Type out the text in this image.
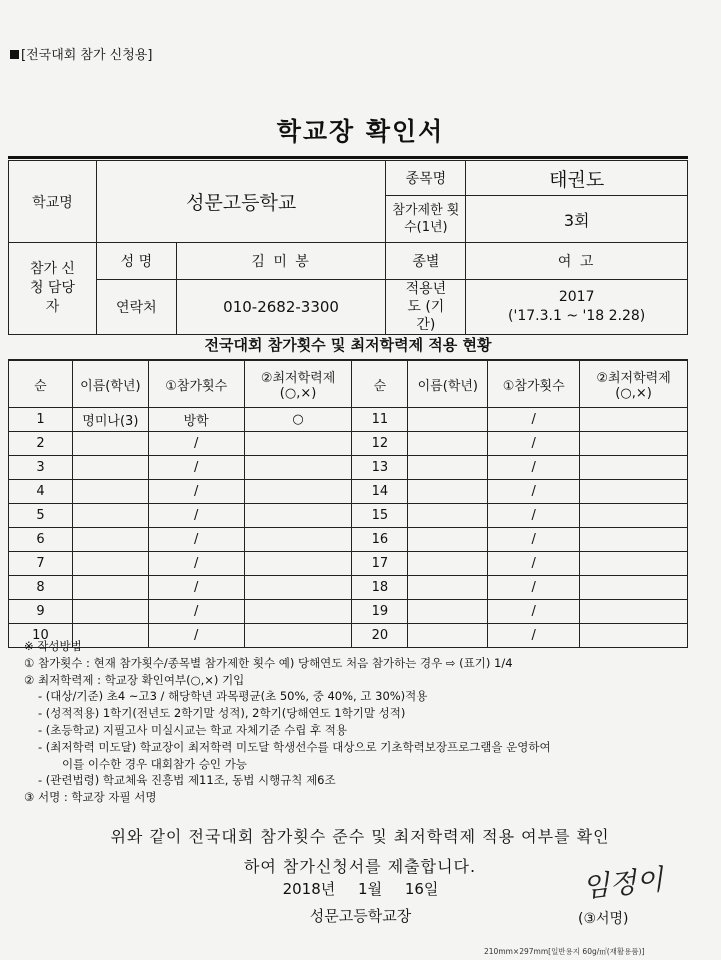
[전국대회 참가 신청용]
학교장 확인서
학교명	성문고등학교		종목명	태권도
			참가제한 횟수(1년)	3회
참가 신청 담당자	성 명	김 미 봉	종별	여 고
	연락처	010-2682-3300	적용년도 (기간)	2017
('17.3.1 ~ '18 2.28)
전국대회 참가횟수 및 최저학력제 적용 현황
순	이름(학년)	①참가횟수	②최저학력제 (○,×)	순	이름(학년)	①참가횟수	②최저학력제 (○,×)
1	명미나(3)	방학	○	11		/	
2		/		12		/	
3		/		13		/	
4		/		14		/	
5		/		15		/	
6		/		16		/	
7		/		17		/	
8		/		18		/	
9		/		19		/	
10		/		20		/	
※ 작성방법
① 참가횟수 : 현재 참가횟수/종목별 참가제한 횟수 예) 당해연도 처음 참가하는 경우 ⇨ (표기) 1/4
② 최저학력제 : 학교장 확인여부(○,×) 기입
- (대상/기준) 초4 ~고3 / 해당학년 과목평균(초 50%, 중 40%, 고 30%)적용
- (성적적용) 1학기(전년도 2학기말 성적), 2학기(당해연도 1학기말 성적)
- (초등학교) 지필고사 미실시교는 학교 자체기준 수립 후 적용
- (최저학력 미도달) 학교장이 최저학력 미도달 학생선수를 대상으로 기초학력보장프로그램을 운영하여
이를 이수한 경우 대회참가 승인 가능
- (관련법령) 학교체육 진흥법 제11조, 동법 시행규칙 제6조
③ 서명 : 학교장 자필 서명
위와 같이 전국대회 참가횟수 준수 및 최저학력제 적용 여부를 확인
하여 참가신청서를 제출합니다.
2018년 1월 16일
성문고등학교장
임정이
(③서명)
210mm×297mm[일반용지 60g/㎡(재활용품)]
